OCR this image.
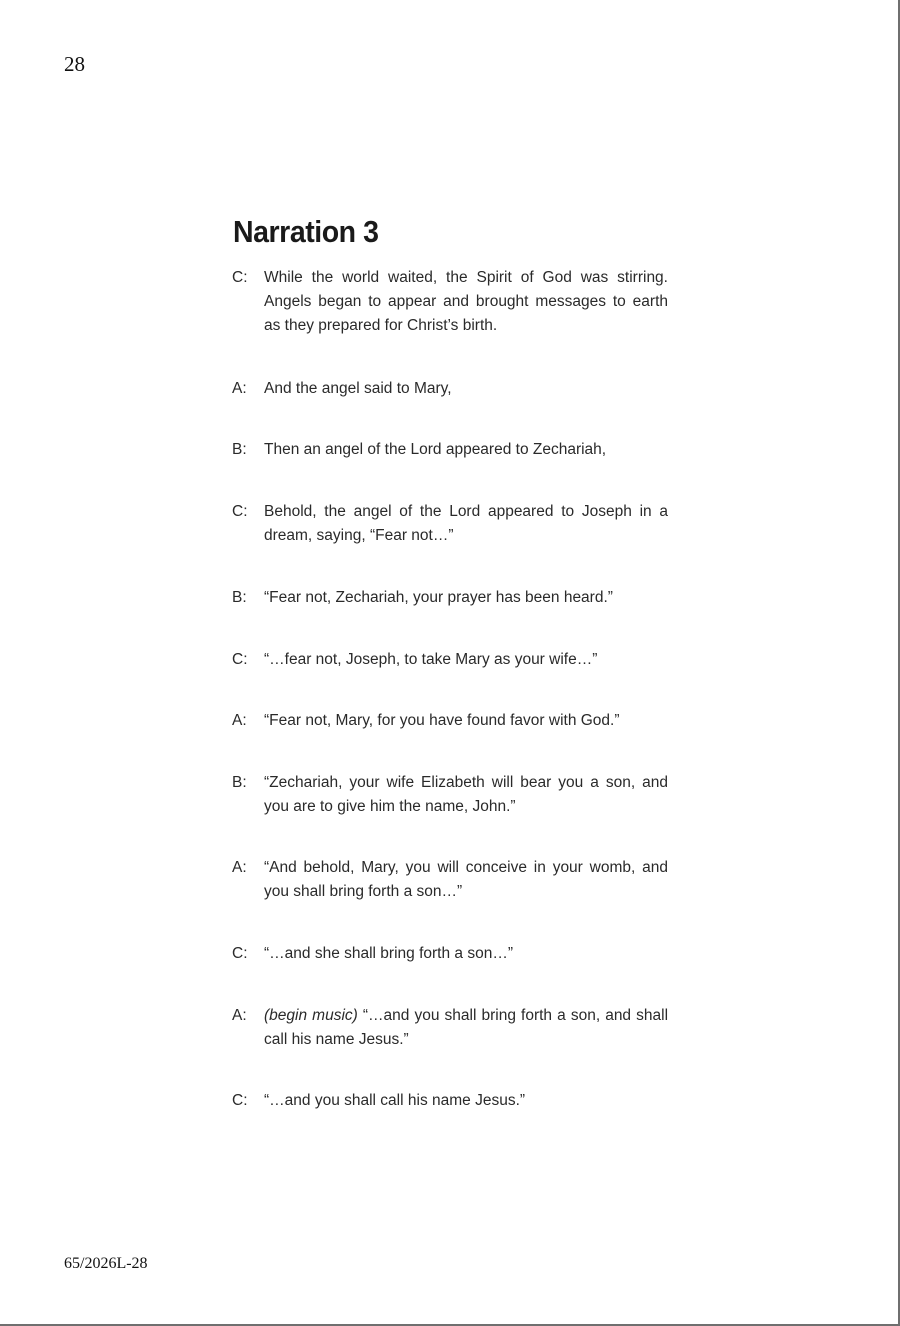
28
Narration 3
C:	While the world waited, the Spirit of God was stirring. Angels began to appear and brought messages to earth as they prepared for Christ’s birth.
A:	And the angel said to Mary,
B:	Then an angel of the Lord appeared to Zechariah,
C:	Behold, the angel of the Lord appeared to Joseph in a dream, saying, “Fear not…”
B:	“Fear not, Zechariah, your prayer has been heard.”
C:	“…fear not, Joseph, to take Mary as your wife…”
A:	“Fear not, Mary, for you have found favor with God.”
B:	“Zechariah, your wife Elizabeth will bear you a son, and you are to give him the name, John.”
A:	“And behold, Mary, you will conceive in your womb, and you shall bring forth a son…”
C:	“…and she shall bring forth a son…”
A:	(begin music) “…and you shall bring forth a son, and shall call his name Jesus.”
C:	“…and you shall call his name Jesus.”
65/2026L-28
